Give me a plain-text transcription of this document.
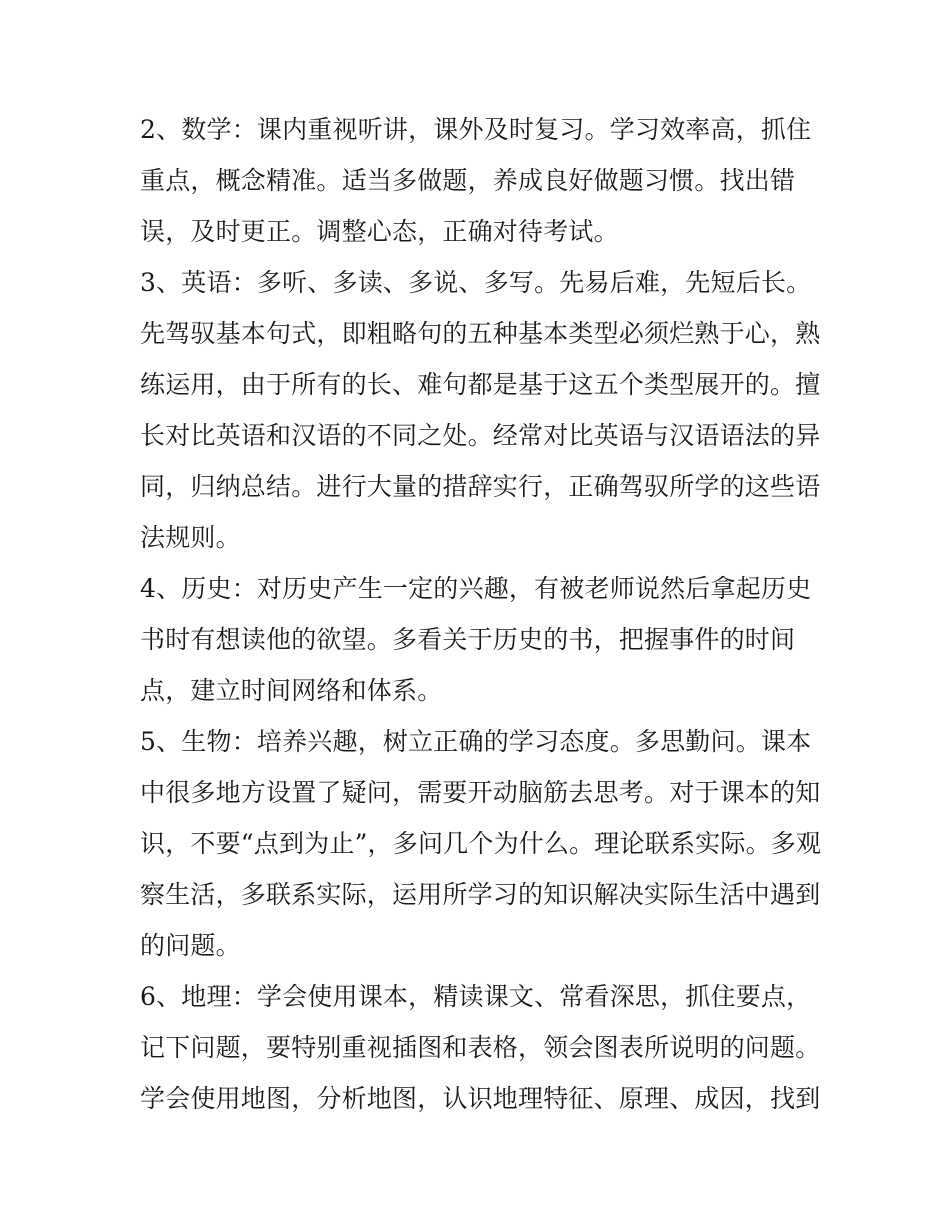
2、数学：课内重视听讲，课外及时复习。学习效率高，抓住

重点，概念精准。适当多做题，养成良好做题习惯。找出错

误，及时更正。调整心态，正确对待考试。

3、英语：多听、多读、多说、多写。先易后难，先短后长。

先驾驭基本句式，即粗略句的五种基本类型必须烂熟于心，熟

练运用，由于所有的长、难句都是基于这五个类型展开的。擅

长对比英语和汉语的不同之处。经常对比英语与汉语语法的异

同，归纳总结。进行大量的措辞实行，正确驾驭所学的这些语

法规则。

4、历史：对历史产生一定的兴趣，有被老师说然后拿起历史

书时有想读他的欲望。多看关于历史的书，把握事件的时间

点，建立时间网络和体系。

5、生物：培养兴趣，树立正确的学习态度。多思勤问。课本

中很多地方设置了疑问，需要开动脑筋去思考。对于课本的知

识，不要“点到为止”，多问几个为什么。理论联系实际。多观

察生活，多联系实际，运用所学习的知识解决实际生活中遇到

的问题。

6、地理：学会使用课本，精读课文、常看深思，抓住要点，

记下问题，要特别重视插图和表格，领会图表所说明的问题。

学会使用地图，分析地图，认识地理特征、原理、成因，找到
